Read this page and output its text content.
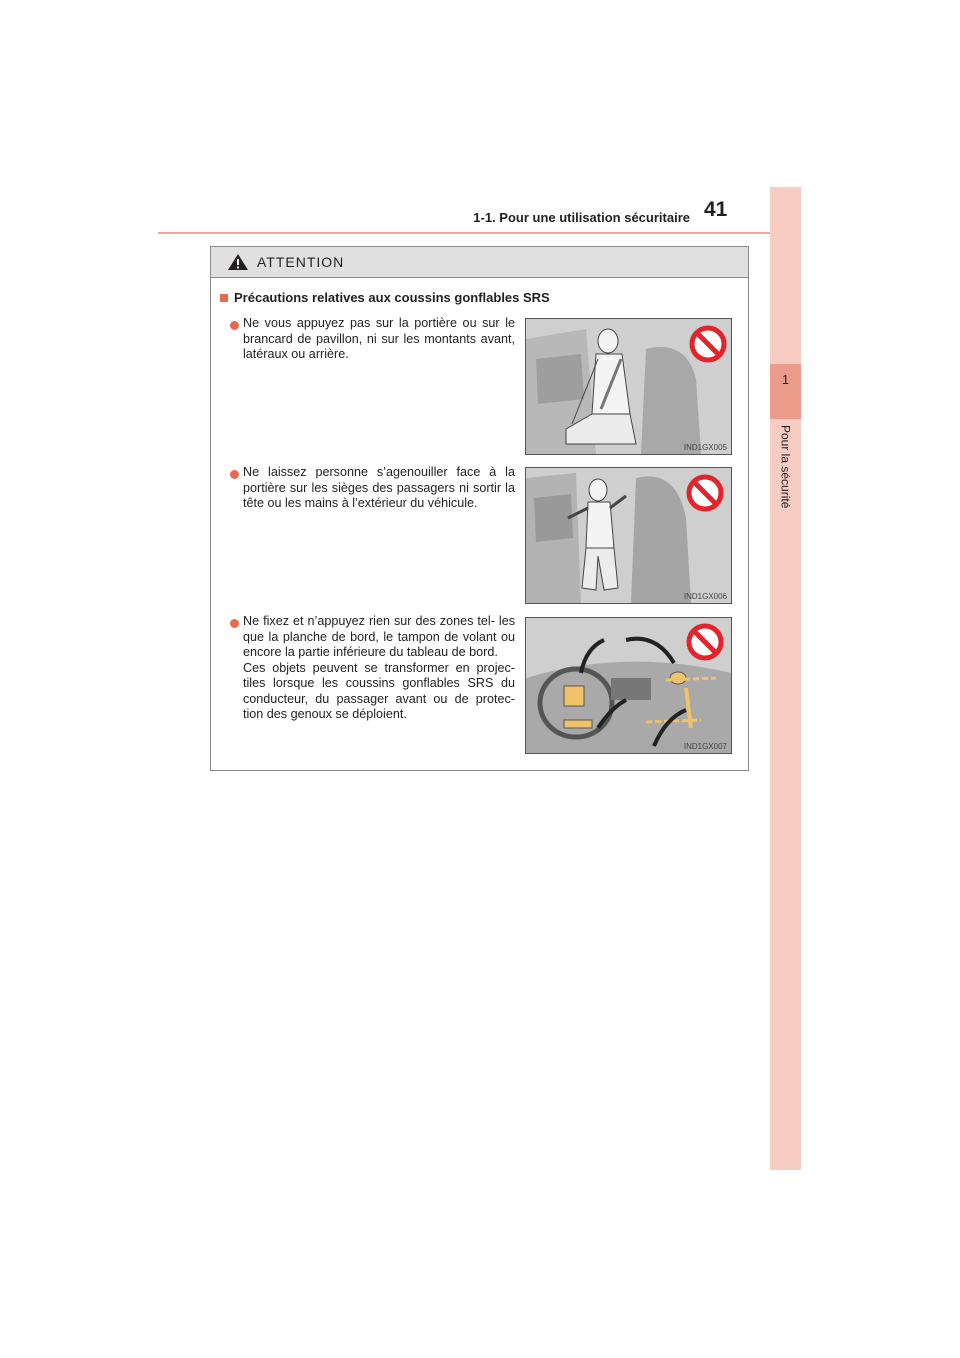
1-1. Pour une utilisation sécuritaire 41
1
Pour la sécurité
ATTENTION
Précautions relatives aux coussins gonflables SRS
Ne vous appuyez pas sur la portière ou sur le brancard de pavillon, ni sur les montants avant, latéraux ou arrière.
IND1GX005
Ne laissez personne s’agenouiller face à la portière sur les sièges des passagers ni sortir la tête ou les mains à l’extérieur du véhicule.
IND1GX006

Ne fixez et n’appuyez rien sur des zones tel- les que la planche de bord, le tampon de volant ou encore la partie inférieure du tableau de bord.

Ces objets peuvent se transformer en projec- tiles lorsque les coussins gonflables SRS du conducteur, du passager avant ou de protec- tion des genoux se déploient.

IND1GX007
